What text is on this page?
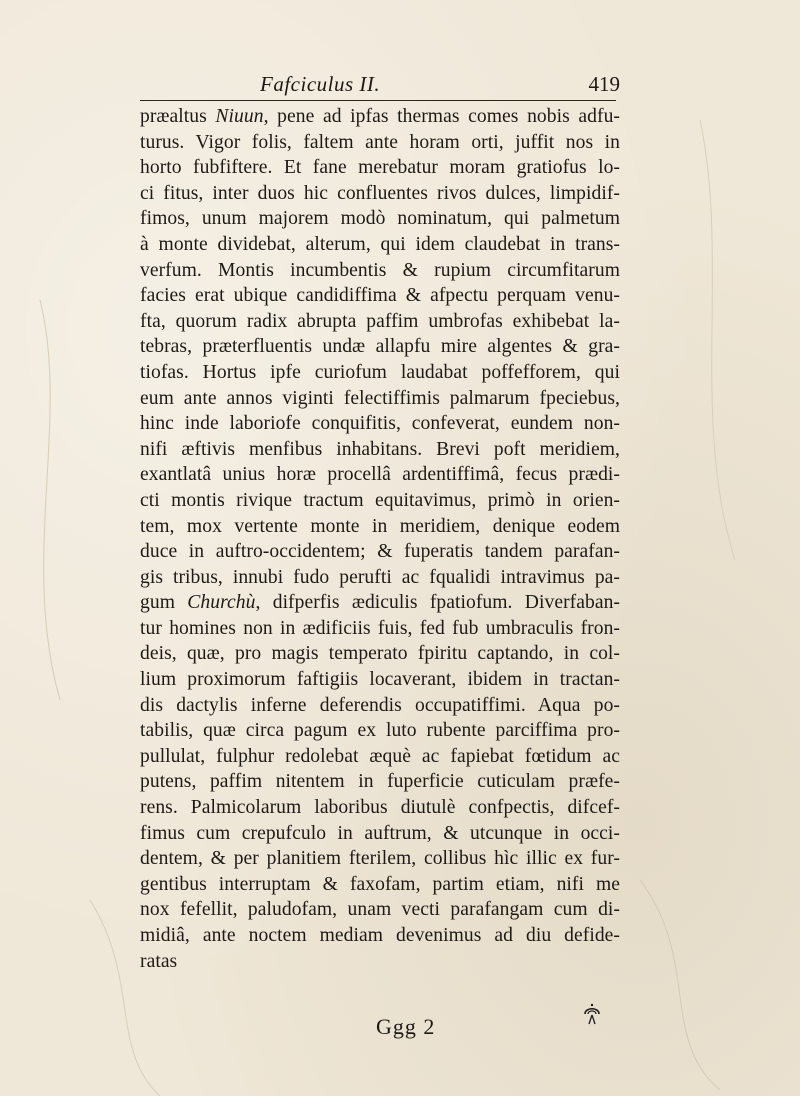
Fafciculus II.	419
præaltus Niuun, pene ad ipfas thermas comes nobis adfu-
turus. Vigor folis, faltem ante horam orti, juffit nos in
horto fubfiftere. Et fane merebatur moram gratiofus lo-
ci fitus, inter duos hic confluentes rivos dulces, limpidif-
fimos, unum majorem modò nominatum, qui palmetum
à monte dividebat, alterum, qui idem claudebat in trans-
verfum. Montis incumbentis & rupium circumfitarum
facies erat ubique candidiffima & afpectu perquam venu-
fta, quorum radix abrupta paffim umbrofas exhibebat la-
tebras, præterfluentis undæ allapfu mire algentes & gra-
tiofas. Hortus ipfe curiofum laudabat poffefforem, qui
eum ante annos viginti felectiffimis palmarum fpeciebus,
hinc inde laboriofe conquifitis, confeverat, eundem non-
nifi æftivis menfibus inhabitans. Brevi poft meridiem,
exantlatâ unius horæ procellâ ardentiffimâ, fecus prædi-
cti montis rivique tractum equitavimus, primò in orien-
tem, mox vertente monte in meridiem, denique eodem
duce in auftro-occidentem; & fuperatis tandem parafan-
gis tribus, innubi fudo perufti ac fqualidi intravimus pa-
gum Churchù, difperfis ædiculis fpatiofum. Diverfaban-
tur homines non in ædificiis fuis, fed fub umbraculis fron-
deis, quæ, pro magis temperato fpiritu captando, in col-
lium proximorum faftigiis locaverant, ibidem in tractan-
dis dactylis inferne deferendis occupatiffimi. Aqua po-
tabilis, quæ circa pagum ex luto rubente parciffima pro-
pullulat, fulphur redolebat æquè ac fapiebat fœtidum ac
putens, paffim nitentem in fuperficie cuticulam præfe-
rens. Palmicolarum laboribus diutulè confpectis, difcef-
fimus cum crepufculo in auftrum, & utcunque in occi-
dentem, & per planitiem fterilem, collibus hìc illic ex fur-
gentibus interruptam & faxofam, partim etiam, nifi me
nox fefellit, paludofam, unam vecti parafangam cum di-
midiâ, ante noctem mediam devenimus ad diu defide-
ratas
Ggg 2
